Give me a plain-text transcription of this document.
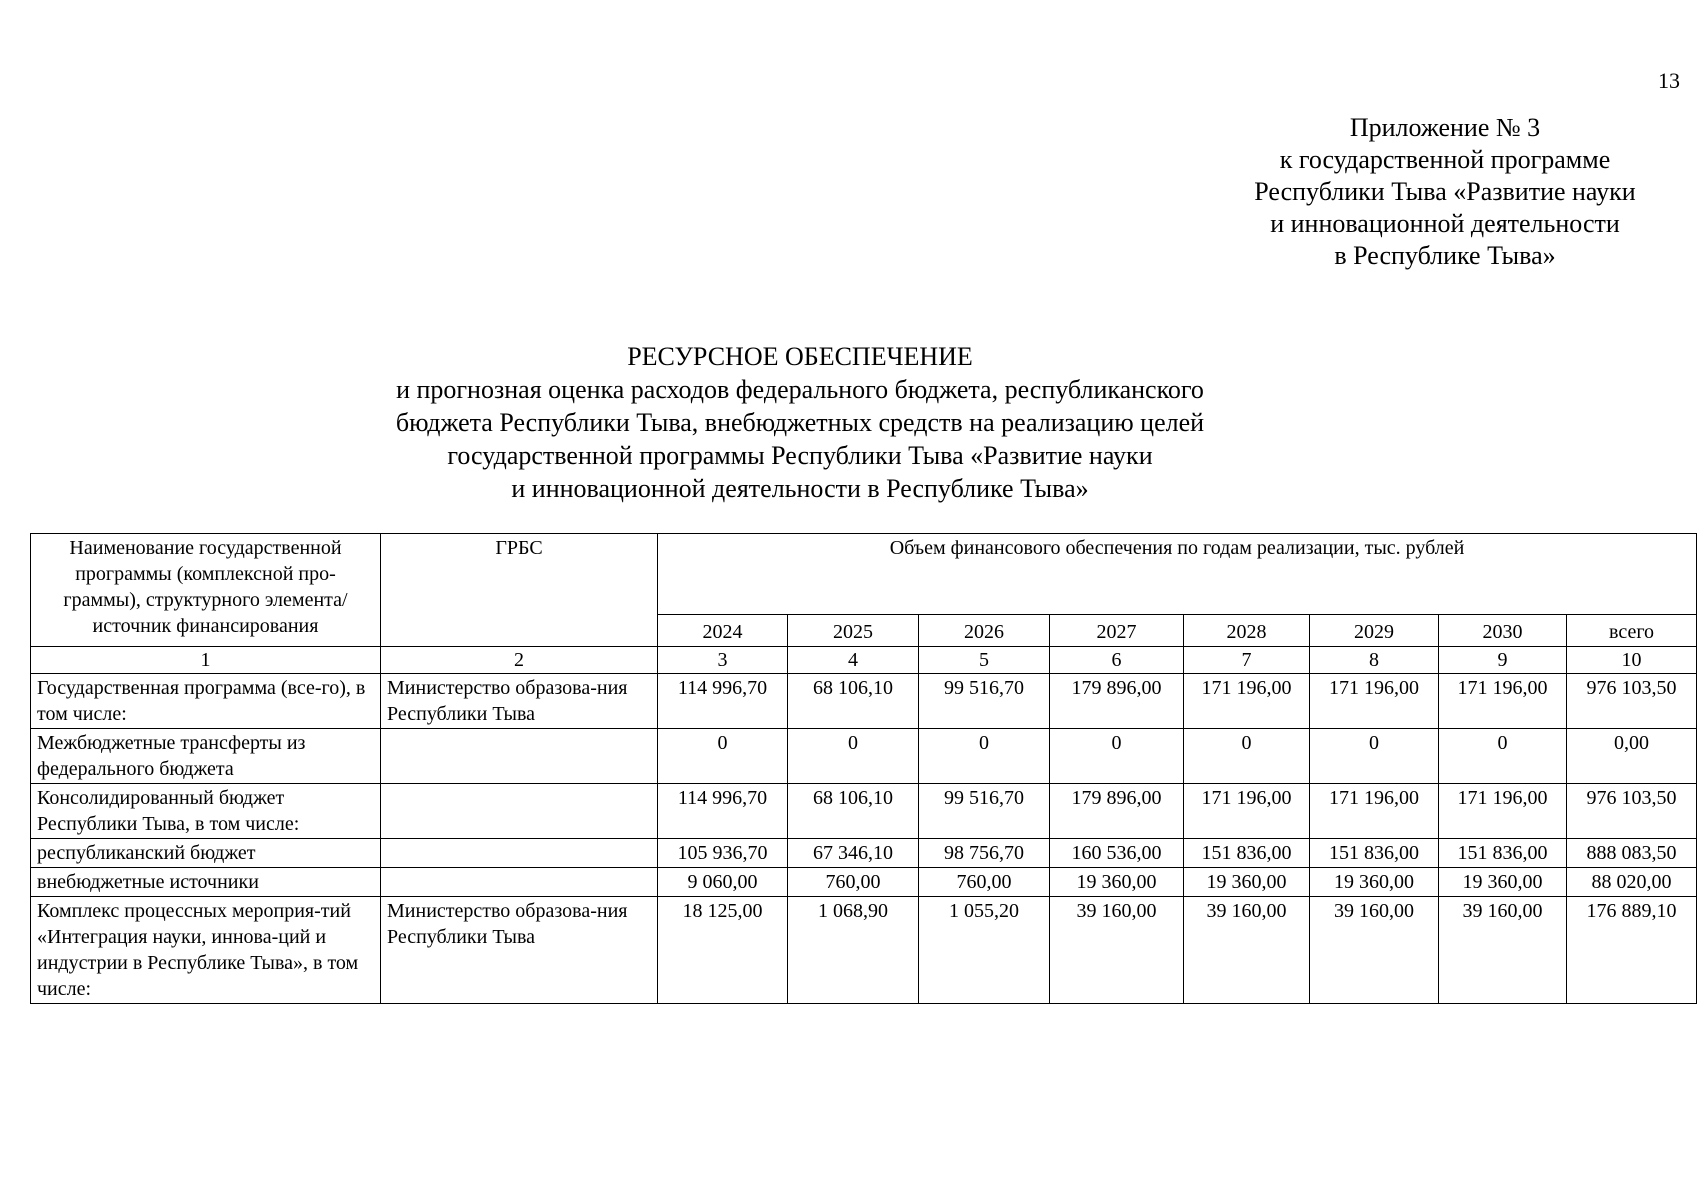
13
Приложение № 3
к государственной программе
Республики Тыва «Развитие науки
и инновационной деятельности
в Республике Тыва»
РЕСУРСНОЕ ОБЕСПЕЧЕНИЕ
и прогнозная оценка расходов федерального бюджета, республиканского
бюджета Республики Тыва, внебюджетных средств на реализацию целей
государственной программы Республики Тыва «Развитие науки
и инновационной деятельности в Республике Тыва»
Наименование государственной программы (комплексной про-граммы), структурного элемента/ источник финансирования	ГРБС	Объем финансового обеспечения по годам реализации, тыс. рублей							
		2024	2025	2026	2027	2028	2029	2030	всего
1	2	3	4	5	6	7	8	9	10
Государственная программа (все-го), в том числе:	Министерство образова-ния Республики Тыва	114 996,70	68 106,10	99 516,70	179 896,00	171 196,00	171 196,00	171 196,00	976 103,50
Межбюджетные трансферты из федерального бюджета		0	0	0	0	0	0	0	0,00
Консолидированный бюджет Республики Тыва, в том числе:		114 996,70	68 106,10	99 516,70	179 896,00	171 196,00	171 196,00	171 196,00	976 103,50
республиканский бюджет		105 936,70	67 346,10	98 756,70	160 536,00	151 836,00	151 836,00	151 836,00	888 083,50
внебюджетные источники		9 060,00	760,00	760,00	19 360,00	19 360,00	19 360,00	19 360,00	88 020,00
Комплекс процессных мероприя-тий «Интеграция науки, иннова-ций и индустрии в Республике Тыва», в том числе:	Министерство образова-ния Республики Тыва	18 125,00	1 068,90	1 055,20	39 160,00	39 160,00	39 160,00	39 160,00	176 889,10
